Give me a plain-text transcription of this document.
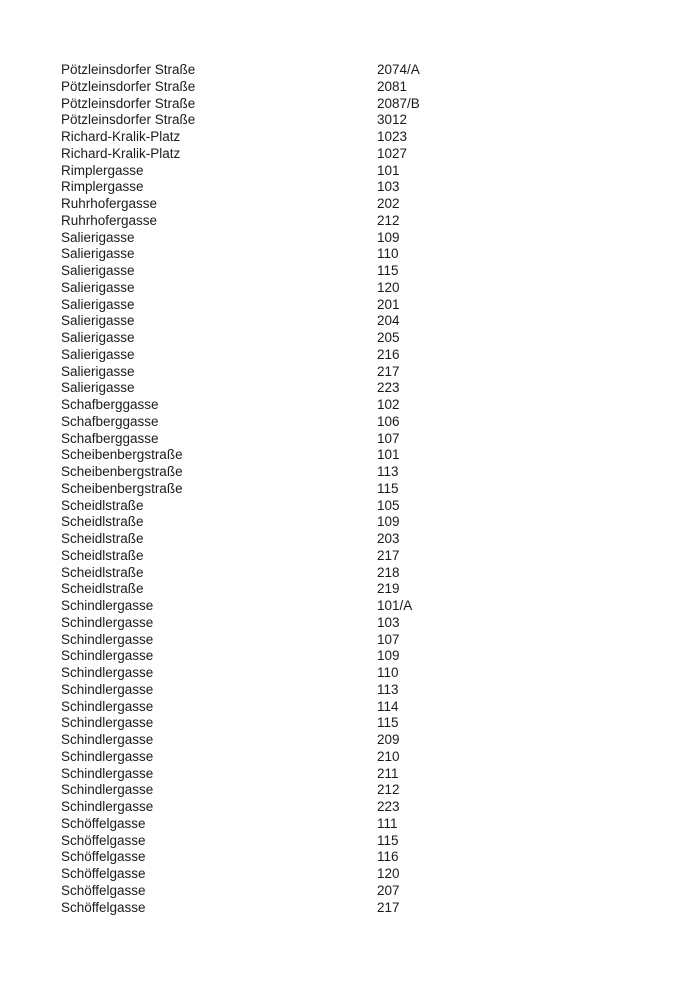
Pötzleinsdorfer Straße	2074/A
Pötzleinsdorfer Straße	2081
Pötzleinsdorfer Straße	2087/B
Pötzleinsdorfer Straße	3012
Richard-Kralik-Platz	1023
Richard-Kralik-Platz	1027
Rimplergasse	101
Rimplergasse	103
Ruhrhofergasse	202
Ruhrhofergasse	212
Salierigasse	109
Salierigasse	110
Salierigasse	115
Salierigasse	120
Salierigasse	201
Salierigasse	204
Salierigasse	205
Salierigasse	216
Salierigasse	217
Salierigasse	223
Schafberggasse	102
Schafberggasse	106
Schafberggasse	107
Scheibenbergstraße	101
Scheibenbergstraße	113
Scheibenbergstraße	115
Scheidlstraße	105
Scheidlstraße	109
Scheidlstraße	203
Scheidlstraße	217
Scheidlstraße	218
Scheidlstraße	219
Schindlergasse	101/A
Schindlergasse	103
Schindlergasse	107
Schindlergasse	109
Schindlergasse	110
Schindlergasse	113
Schindlergasse	114
Schindlergasse	115
Schindlergasse	209
Schindlergasse	210
Schindlergasse	211
Schindlergasse	212
Schindlergasse	223
Schöffelgasse	111
Schöffelgasse	115
Schöffelgasse	116
Schöffelgasse	120
Schöffelgasse	207
Schöffelgasse	217
